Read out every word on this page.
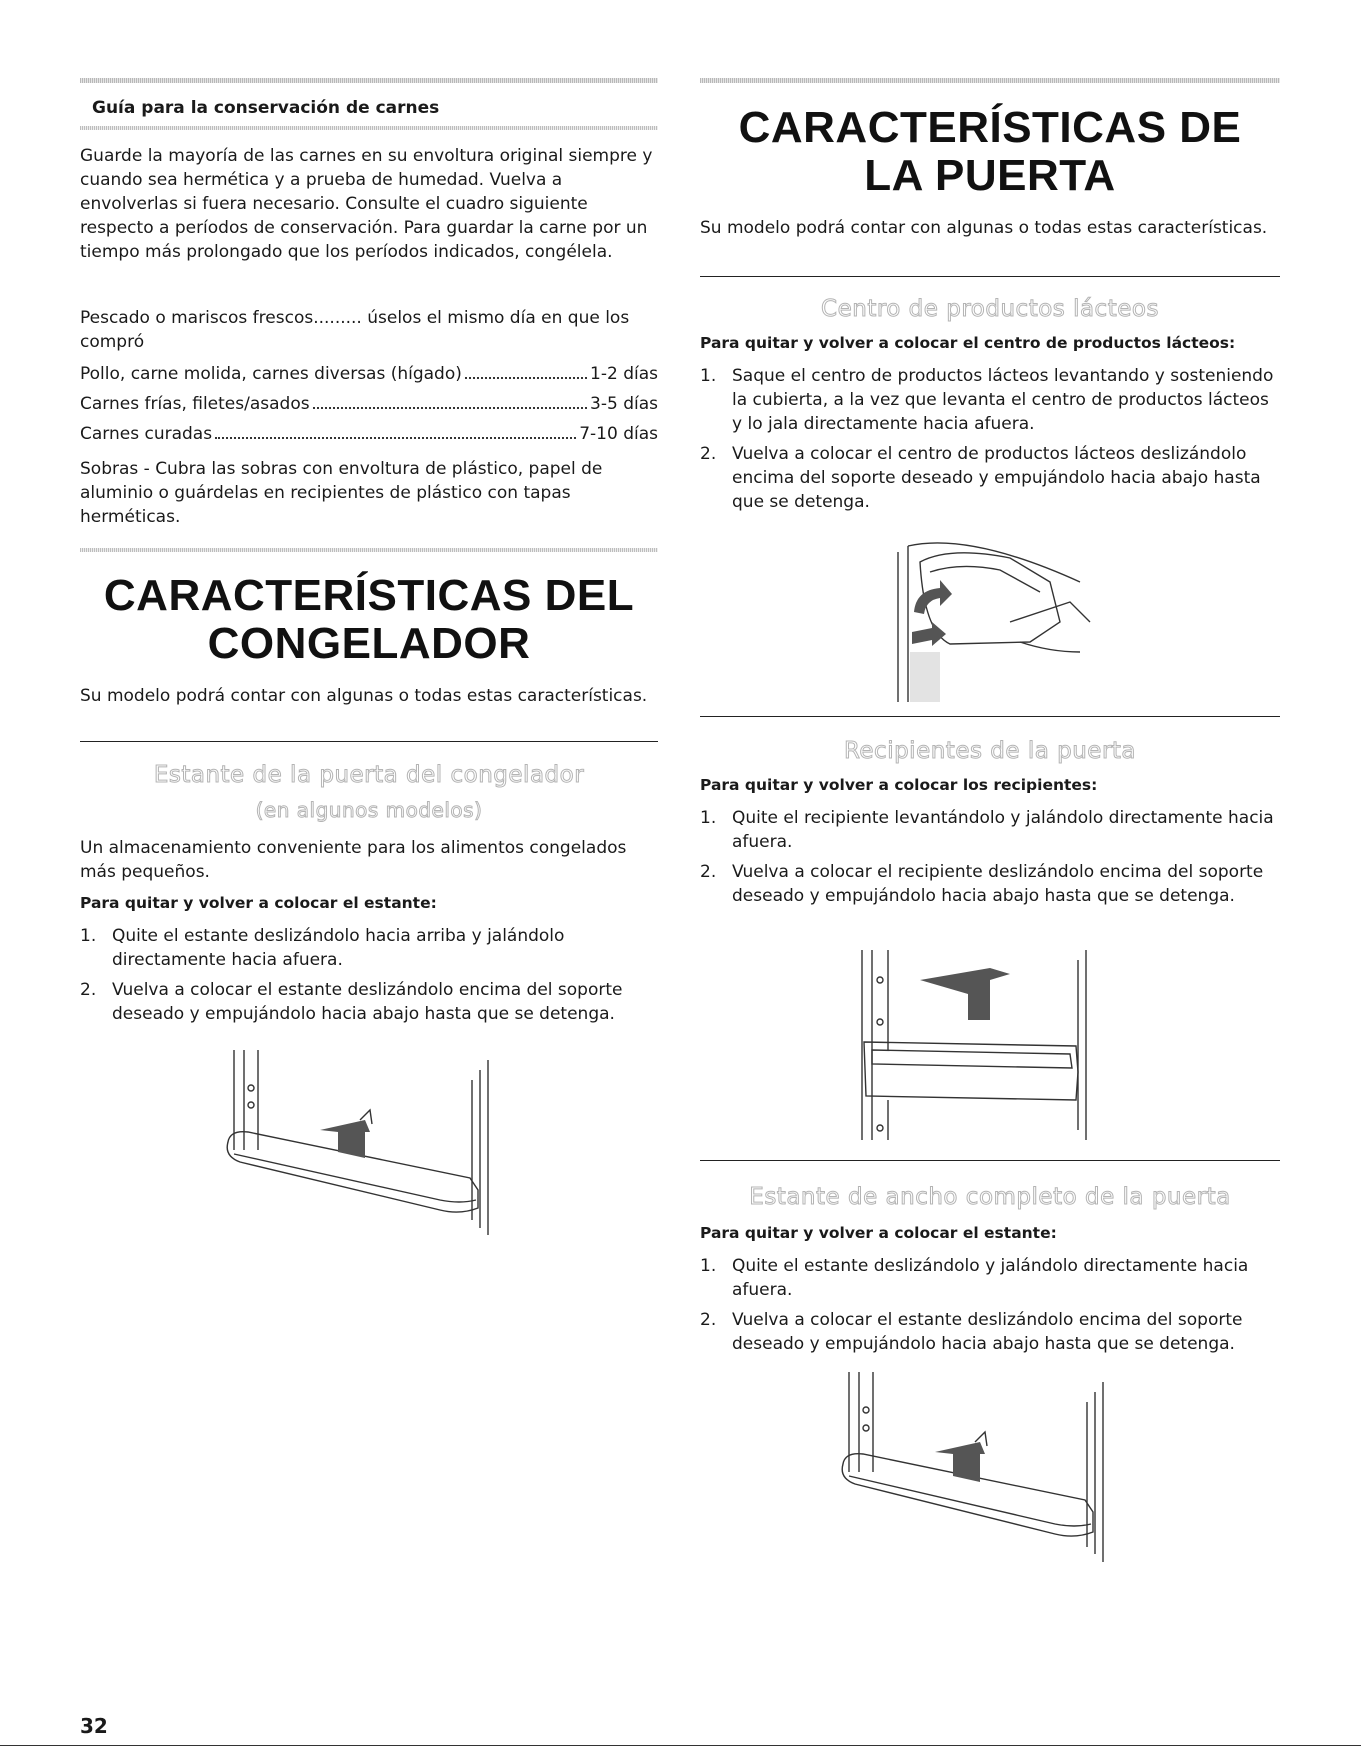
Guía para la conservación de carnes

Guarde la mayoría de las carnes en su envoltura original siempre y cuando sea hermética y a prueba de humedad. Vuelva a envolverlas si fuera necesario. Consulte el cuadro siguiente respecto a períodos de conservación. Para guardar la carne por un tiempo más prolongado que los períodos indicados, congélela.

Pescado o mariscos frescos......... úselos el mismo día en que los compró

Pollo, carne molida, carnes diversas (hígado)	1-2 días
Carnes frías, filetes/asados	3-5 días
Carnes curadas	7-10 días

Sobras - Cubra las sobras con envoltura de plástico, papel de aluminio o guárdelas en recipientes de plástico con tapas herméticas.

CARACTERÍSTICAS DEL
CONGELADOR

Su modelo podrá contar con algunas o todas estas características.

Estante de la puerta del congelador
(en algunos modelos)

Un almacenamiento conveniente para los alimentos congelados más pequeños.

Para quitar y volver a colocar el estante:
1. Quite el estante deslizándolo hacia arriba y jalándolo directamente hacia afuera.
2. Vuelva a colocar el estante deslizándolo encima del soporte deseado y empujándolo hacia abajo hasta que se detenga.
CARACTERÍSTICAS DE
LA PUERTA

Su modelo podrá contar con algunas o todas estas características.

Centro de productos lácteos
Para quitar y volver a colocar el centro de productos lácteos:
1. Saque el centro de productos lácteos levantando y sosteniendo la cubierta, a la vez que levanta el centro de productos lácteos y lo jala directamente hacia afuera.
2. Vuelva a colocar el centro de productos lácteos deslizándolo encima del soporte deseado y empujándolo hacia abajo hasta que se detenga.
Recipientes de la puerta
Para quitar y volver a colocar los recipientes:
1. Quite el recipiente levantándolo y jalándolo directamente hacia afuera.
2. Vuelva a colocar el recipiente deslizándolo encima del soporte deseado y empujándolo hacia abajo hasta que se detenga.
Estante de ancho completo de la puerta
Para quitar y volver a colocar el estante:
1. Quite el estante deslizándolo y jalándolo directamente hacia afuera.
2. Vuelva a colocar el estante deslizándolo encima del soporte deseado y empujándolo hacia abajo hasta que se detenga.
32
